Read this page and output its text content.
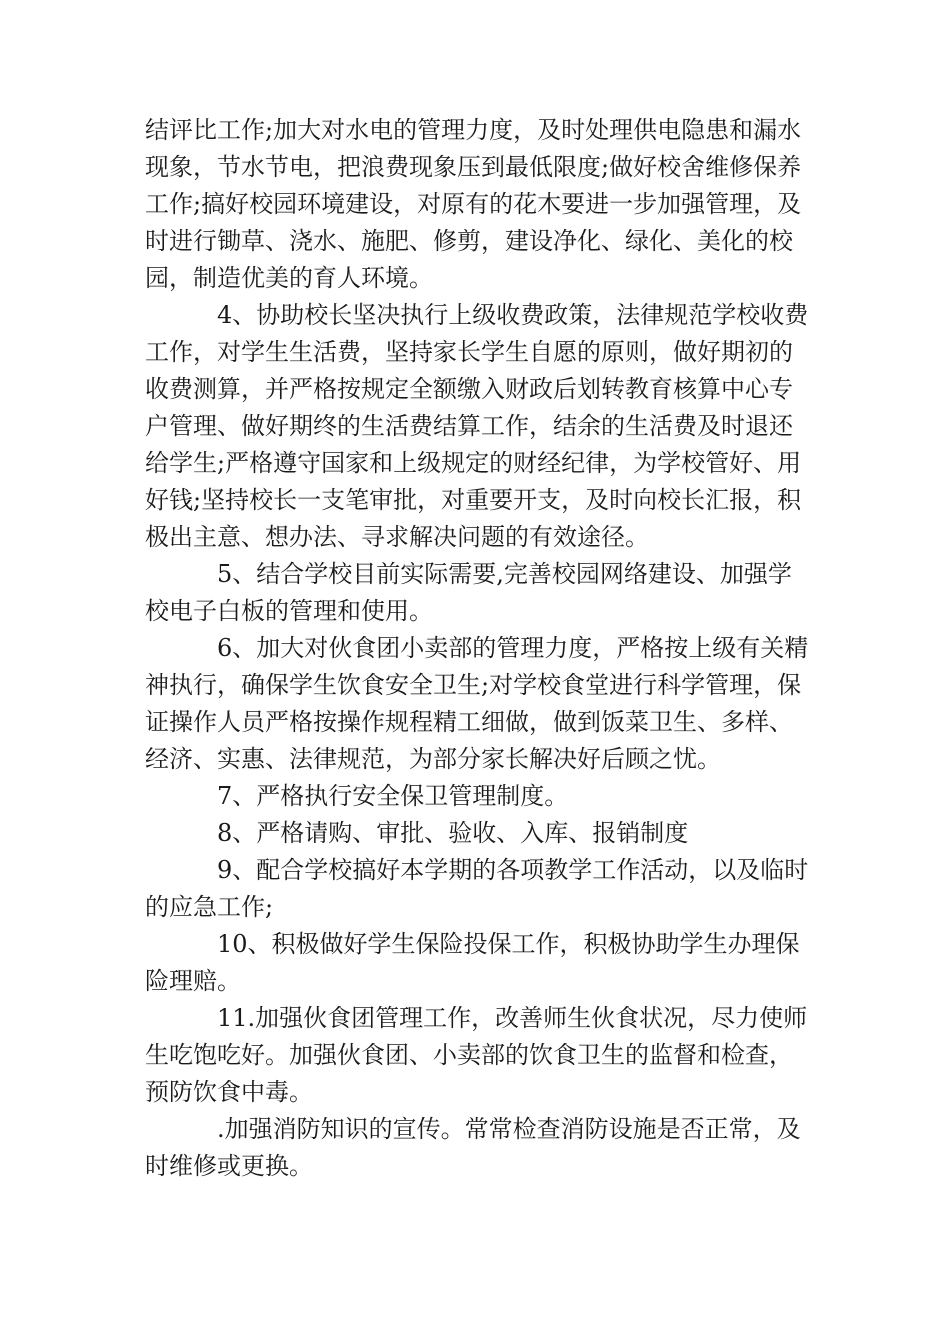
结评比工作;加大对水电的管理力度，及时处理供电隐患和漏水
现象，节水节电，把浪费现象压到最低限度;做好校舍维修保养
工作;搞好校园环境建设，对原有的花木要进一步加强管理，及
时进行锄草、浇水、施肥、修剪，建设净化、绿化、美化的校
园，制造优美的育人环境。

4、协助校长坚决执行上级收费政策，法律规范学校收费
工作，对学生生活费，坚持家长学生自愿的原则，做好期初的
收费测算，并严格按规定全额缴入财政后划转教育核算中心专
户管理、做好期终的生活费结算工作，结余的生活费及时退还
给学生;严格遵守国家和上级规定的财经纪律，为学校管好、用
好钱;坚持校长一支笔审批，对重要开支，及时向校长汇报，积
极出主意、想办法、寻求解决问题的有效途径。

5、结合学校目前实际需要,完善校园网络建设、加强学
校电子白板的管理和使用。

6、加大对伙食团小卖部的管理力度，严格按上级有关精
神执行，确保学生饮食安全卫生;对学校食堂进行科学管理，保
证操作人员严格按操作规程精工细做，做到饭菜卫生、多样、
经济、实惠、法律规范，为部分家长解决好后顾之忧。

7、严格执行安全保卫管理制度。

8、严格请购、审批、验收、入库、报销制度

9、配合学校搞好本学期的各项教学工作活动，以及临时
的应急工作;

10、积极做好学生保险投保工作，积极协助学生办理保
险理赔。

11.加强伙食团管理工作，改善师生伙食状况，尽力使师
生吃饱吃好。加强伙食团、小卖部的饮食卫生的监督和检查，
预防饮食中毒。

.加强消防知识的宣传。常常检查消防设施是否正常，及
时维修或更换。
